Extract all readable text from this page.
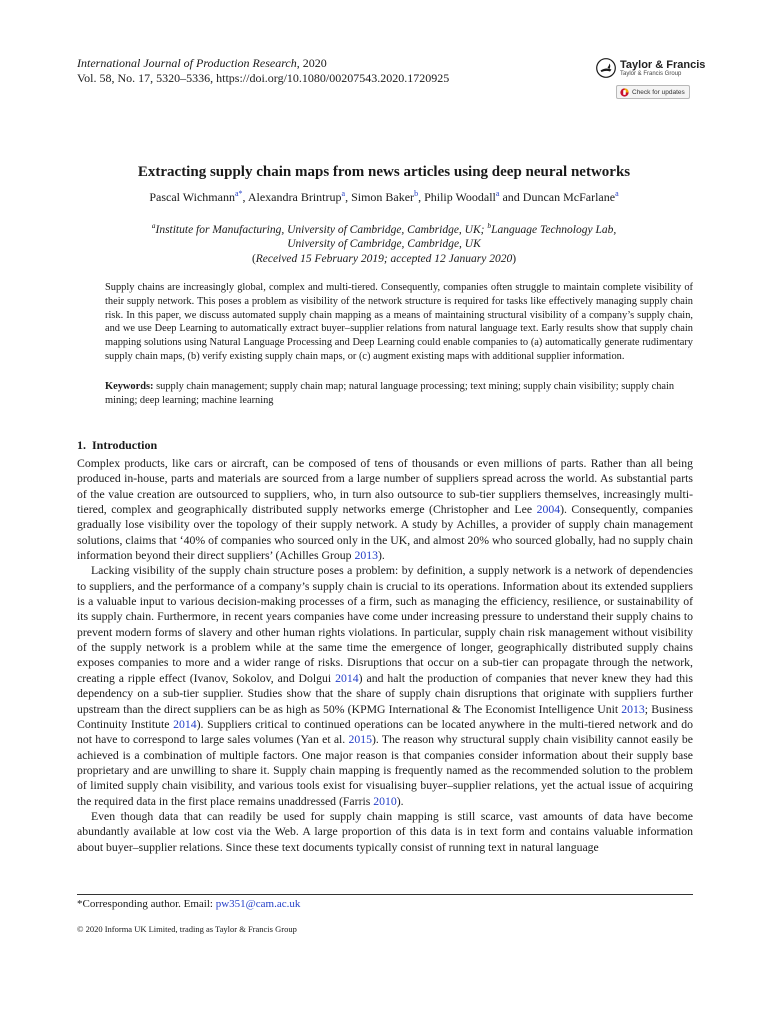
International Journal of Production Research, 2020
Vol. 58, No. 17, 5320–5336, https://doi.org/10.1080/00207543.2020.1720925
Taylor & Francis
Taylor & Francis Group
Check for updates
Extracting supply chain maps from news articles using deep neural networks
Pascal Wichmann$^{a*}$, Alexandra Brintrup$^a$, Simon Baker$^b$, Philip Woodall$^a$ and Duncan McFarlane$^a$
$^a$Institute for Manufacturing, University of Cambridge, Cambridge, UK; $^b$Language Technology Lab,
University of Cambridge, Cambridge, UK
(Received 15 February 2019; accepted 12 January 2020)
Supply chains are increasingly global, complex and multi-tiered. Consequently, companies often struggle to maintain complete visibility of their supply network. This poses a problem as visibility of the network structure is required for tasks like effectively managing supply chain risk. In this paper, we discuss automated supply chain mapping as a means of maintaining structural visibility of a company’s supply chain, and we use Deep Learning to automatically extract buyer–supplier relations from natural language text. Early results show that supply chain mapping solutions using Natural Language Processing and Deep Learning could enable companies to (a) automatically generate rudimentary supply chain maps, (b) verify existing supply chain maps, or (c) augment existing maps with additional supplier information.
Keywords: supply chain management; supply chain map; natural language processing; text mining; supply chain visibility; supply chain mining; deep learning; machine learning
1. Introduction

Complex products, like cars or aircraft, can be composed of tens of thousands or even millions of parts. Rather than all being produced in-house, parts and materials are sourced from a large number of suppliers spread across the world. As substantial parts of the value creation are outsourced to suppliers, who, in turn also outsource to sub-tier suppliers themselves, increasingly multi-tiered, complex and geographically distributed supply networks emerge (Christopher and Lee 2004). Consequently, companies gradually lose visibility over the topology of their supply network. A study by Achilles, a provider of supply chain management solutions, claims that ‘40% of companies who sourced only in the UK, and almost 20% who sourced globally, had no supply chain information beyond their direct suppliers’ (Achilles Group 2013).

Lacking visibility of the supply chain structure poses a problem: by definition, a supply network is a network of dependencies to suppliers, and the performance of a company’s supply chain is crucial to its operations. Information about its extended suppliers is a valuable input to various decision-making processes of a firm, such as managing the efficiency, resilience, or sustainability of its supply chain. Furthermore, in recent years companies have come under increasing pressure to understand their supply chains to prevent modern forms of slavery and other human rights violations. In particular, supply chain risk management without visibility of the supply network is a problem while at the same time the emergence of longer, geographically distributed supply chains exposes companies to more and a wider range of risks. Disruptions that occur on a sub-tier can propagate through the network, creating a ripple effect (Ivanov, Sokolov, and Dolgui 2014) and halt the production of companies that never knew they had this dependency on a sub-tier supplier. Studies show that the share of supply chain disruptions that originate with suppliers further upstream than the direct suppliers can be as high as 50% (KPMG International & The Economist Intelligence Unit 2013; Business Continuity Institute 2014). Suppliers critical to continued operations can be located anywhere in the multi-tiered network and do not have to correspond to large sales volumes (Yan et al. 2015). The reason why structural supply chain visibility cannot easily be achieved is a combination of multiple factors. One major reason is that companies consider information about their supply base proprietary and are unwilling to share it. Supply chain mapping is frequently named as the recommended solution to the problem of limited supply chain visibility, and various tools exist for visualising buyer–supplier relations, yet the actual issue of acquiring the required data in the first place remains unaddressed (Farris 2010).

Even though data that can readily be used for supply chain mapping is still scarce, vast amounts of data have become abundantly available at low cost via the Web. A large proportion of this data is in text form and contains valuable information about buyer–supplier relations. Since these text documents typically consist of running text in natural language

*Corresponding author. Email: pw351@cam.ac.uk
© 2020 Informa UK Limited, trading as Taylor & Francis Group
